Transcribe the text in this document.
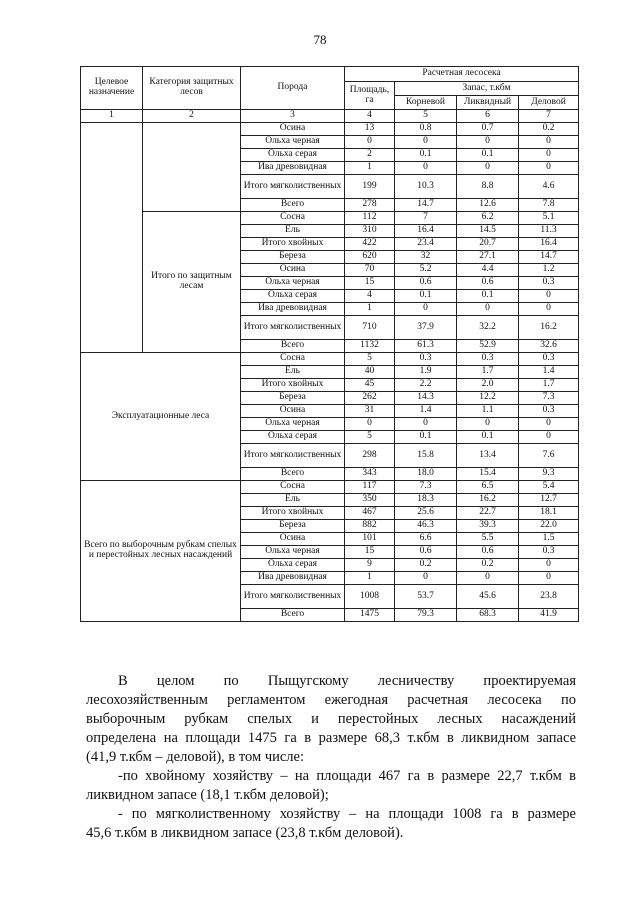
78
Целевое назначение	Категория защитных лесов	Порода	Расчетная лесосека			
			Площадь, га	Запас, т.кбм		
				Корневой	Ликвидный	Деловой
1	2	3	4	5	6	7
		Осина	13	0.8	0.7	0.2
		Ольха черная	0	0	0	0
		Ольха серая	2	0.1	0.1	0
		Ива древовидная	1	0	0	0
		Итого мягколиственных	199	10.3	8.8	4.6
		Всего	278	14.7	12.6	7.8
	Итого по защитным лесам	Сосна	112	7	6.2	5.1
		Ель	310	16.4	14.5	11.3
		Итого хвойных	422	23.4	20.7	16.4
		Береза	620	32	27.1	14.7
		Осина	70	5.2	4.4	1.2
		Ольха черная	15	0.6	0.6	0.3
		Ольха серая	4	0.1	0.1	0
		Ива древовидная	1	0	0	0
		Итого мягколиственных	710	37.9	32.2	16.2
		Всего	1132	61.3	52.9	32.6
Эксплуатационные леса		Сосна	5	0.3	0.3	0.3
		Ель	40	1.9	1.7	1.4
		Итого хвойных	45	2.2	2.0	1.7
		Береза	262	14.3	12.2	7.3
		Осина	31	1.4	1.1	0.3
		Ольха черная	0	0	0	0
		Ольха серая	5	0.1	0.1	0
		Итого мягколиственных	298	15.8	13.4	7.6
		Всего	343	18.0	15.4	9.3
Всего по выборочным рубкам спелых и перестойных лесных насаждений		Сосна	117	7.3	6.5	5.4
		Ель	350	18.3	16.2	12.7
		Итого хвойных	467	25.6	22.7	18.1
		Береза	882	46.3	39.3	22.0
		Осина	101	6.6	5.5	1.5
		Ольха черная	15	0.6	0.6	0.3
		Ольха серая	9	0.2	0.2	0
		Ива древовидная	1	0	0	0
		Итого мягколиственных	1008	53.7	45.6	23.8
		Всего	1475	79.3	68.3	41.9
В целом по Пыщугскому лесничеству проектируемая
лесохозяйственным регламентом ежегодная расчетная лесосека по
выборочным рубкам спелых и перестойных лесных насаждений
определена на площади 1475 га в размере 68,3 т.кбм в ликвидном запасе
(41,9 т.кбм – деловой), в том числе:
-по хвойному хозяйству – на площади 467 га в размере 22,7 т.кбм в
ликвидном запасе (18,1 т.кбм деловой);
- по мягколиственному хозяйству – на площади 1008 га в размере
45,6 т.кбм в ликвидном запасе (23,8 т.кбм деловой).
